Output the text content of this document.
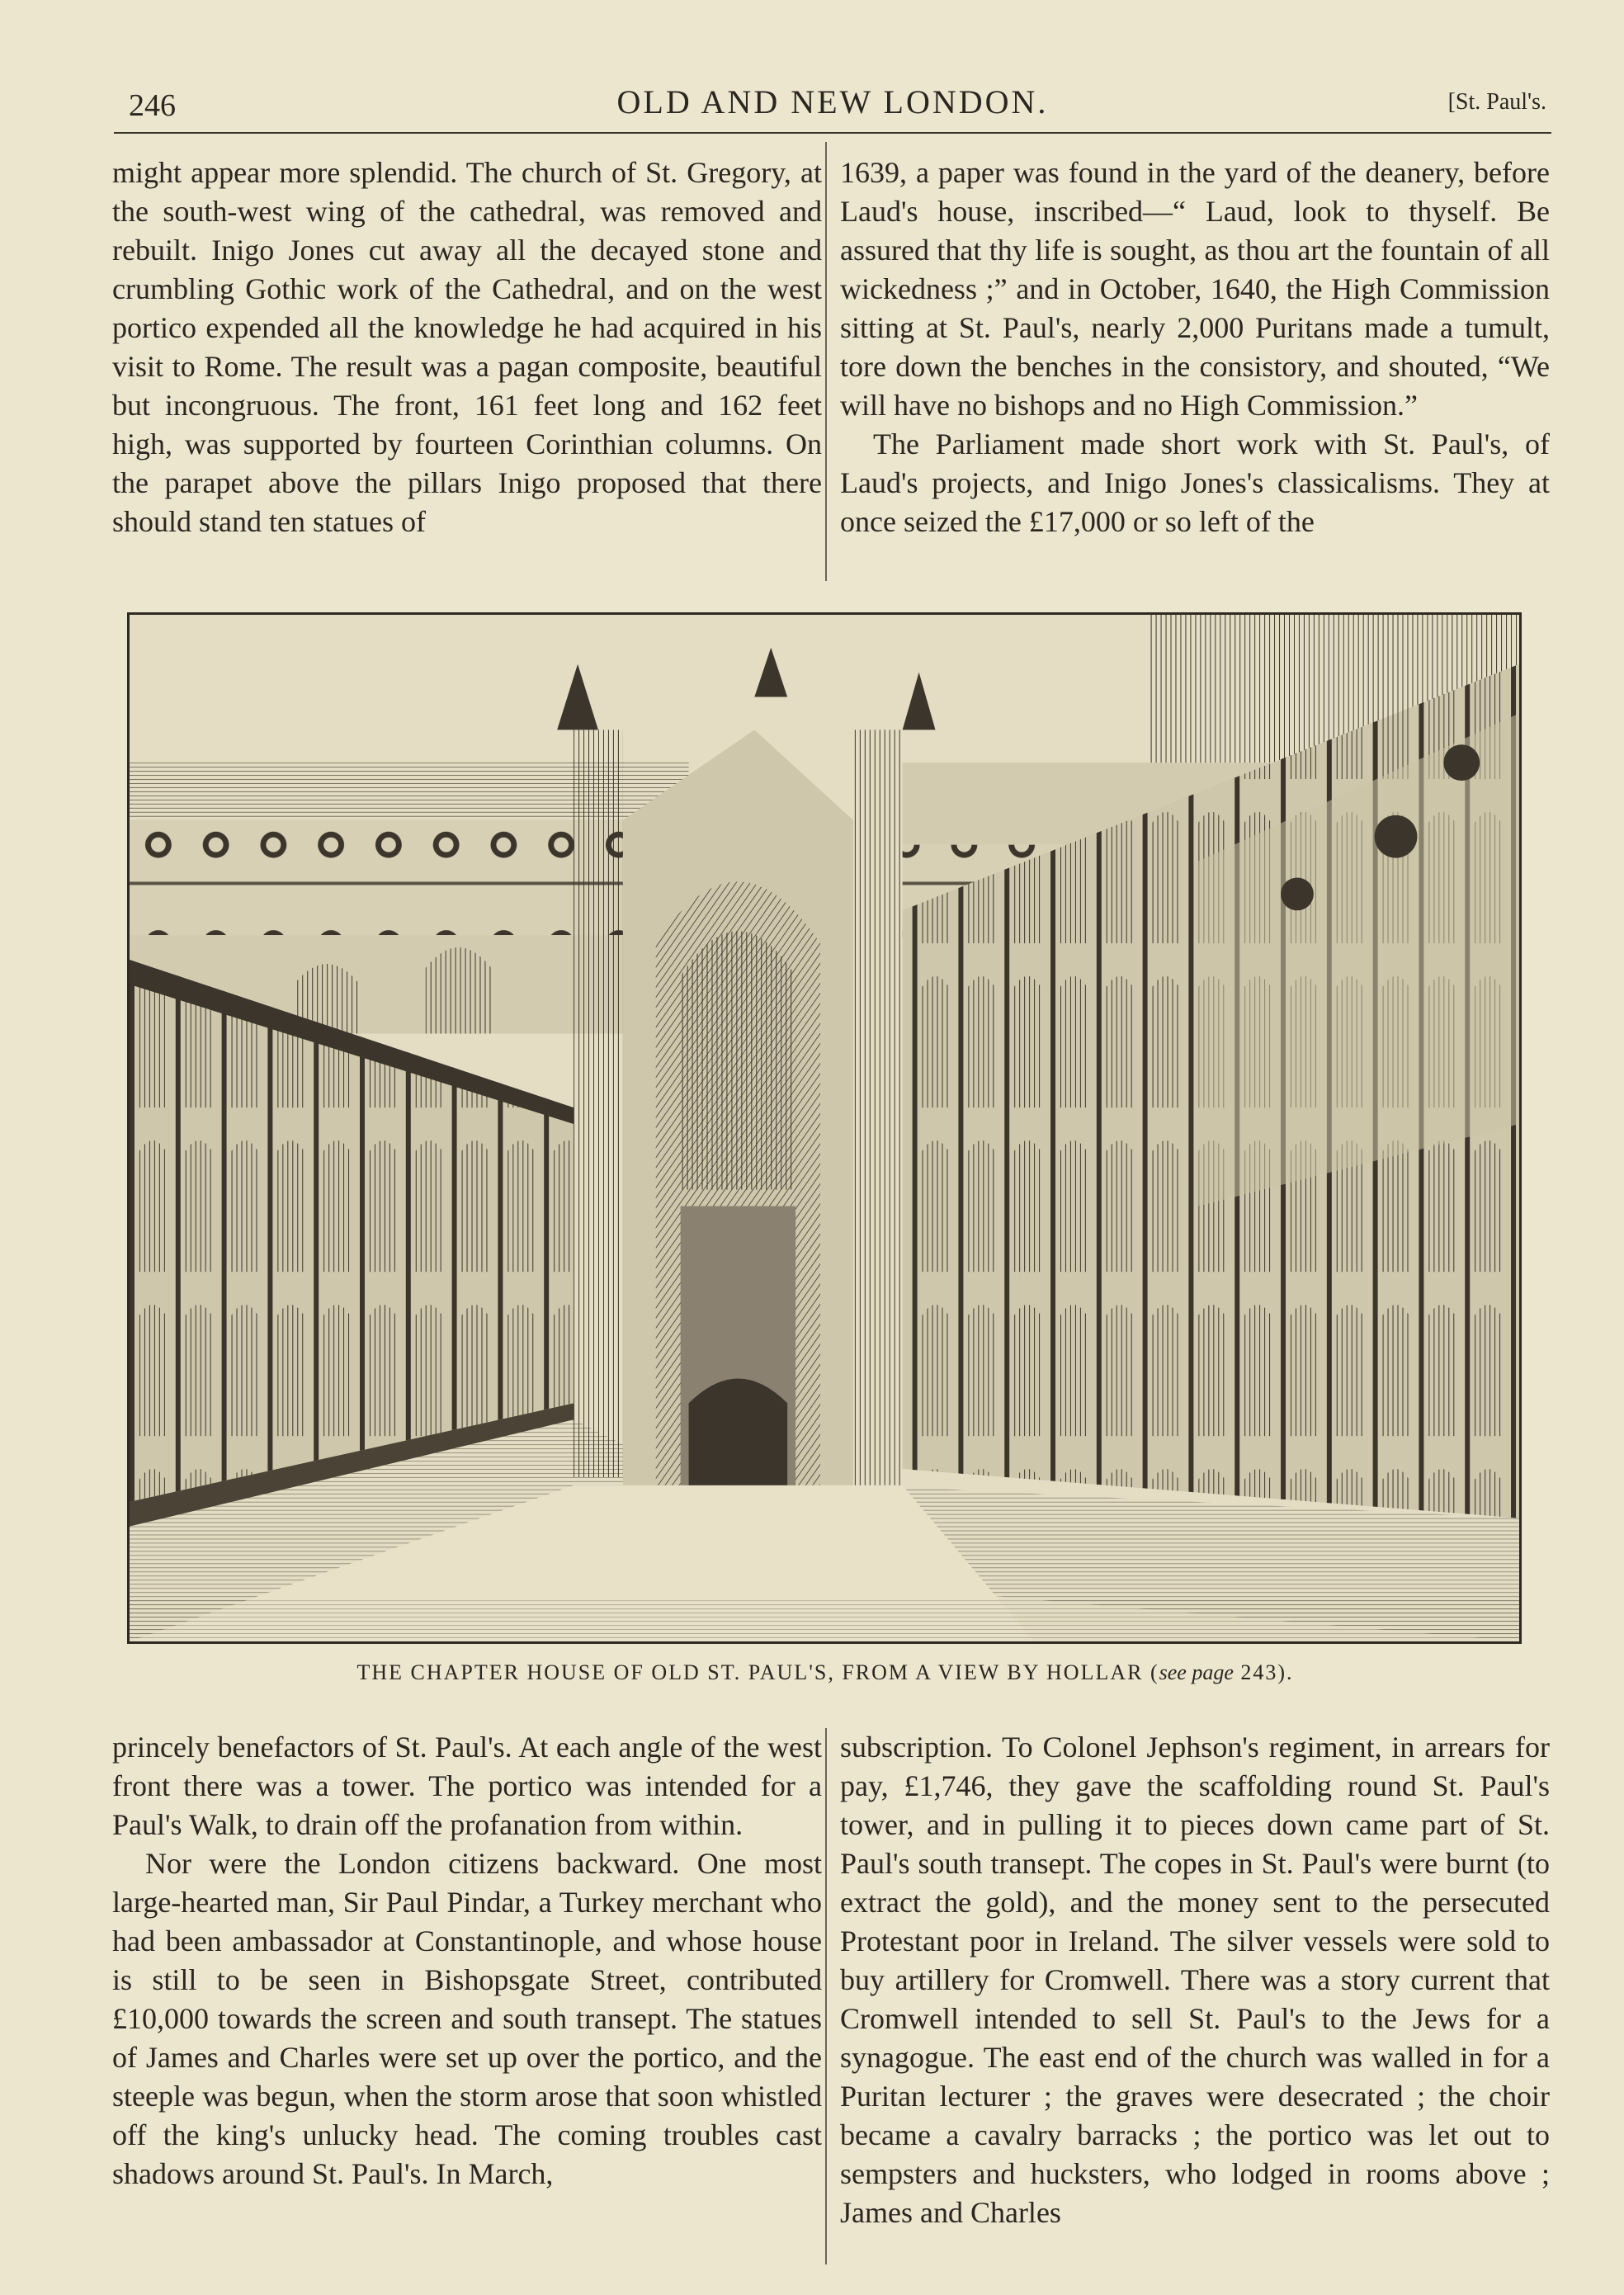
246	OLD AND NEW LONDON.	[St. Paul's.

might appear more splendid. The church of St. Gregory, at the south-west wing of the cathedral, was removed and rebuilt. Inigo Jones cut away all the decayed stone and crumbling Gothic work of the Cathedral, and on the west portico expended all the knowledge he had acquired in his visit to Rome. The result was a pagan composite, beautiful but incongruous. The front, 161 feet long and 162 feet high, was supported by fourteen Corinthian columns. On the parapet above the pillars Inigo proposed that there should stand ten statues of

1639, a paper was found in the yard of the deanery, before Laud's house, inscribed—“ Laud, look to thyself. Be assured that thy life is sought, as thou art the fountain of all wickedness ;” and in October, 1640, the High Commission sitting at St. Paul's, nearly 2,000 Puritans made a tumult, tore down the benches in the consistory, and shouted, “We will have no bishops and no High Commission.”

The Parliament made short work with St. Paul's, of Laud's projects, and Inigo Jones's classicalisms. They at once seized the £17,000 or so left of the

THE CHAPTER HOUSE OF OLD ST. PAUL'S, FROM A VIEW BY HOLLAR (see page 243).

princely benefactors of St. Paul's. At each angle of the west front there was a tower. The portico was intended for a Paul's Walk, to drain off the profanation from within.

Nor were the London citizens backward. One most large-hearted man, Sir Paul Pindar, a Turkey merchant who had been ambassador at Constantinople, and whose house is still to be seen in Bishopsgate Street, contributed £10,000 towards the screen and south transept. The statues of James and Charles were set up over the portico, and the steeple was begun, when the storm arose that soon whistled off the king's unlucky head. The coming troubles cast shadows around St. Paul's. In March,

subscription. To Colonel Jephson's regiment, in arrears for pay, £1,746, they gave the scaffolding round St. Paul's tower, and in pulling it to pieces down came part of St. Paul's south transept. The copes in St. Paul's were burnt (to extract the gold), and the money sent to the persecuted Protestant poor in Ireland. The silver vessels were sold to buy artillery for Cromwell. There was a story current that Cromwell intended to sell St. Paul's to the Jews for a synagogue. The east end of the church was walled in for a Puritan lecturer ; the graves were desecrated ; the choir became a cavalry barracks ; the portico was let out to sempsters and hucksters, who lodged in rooms above ; James and Charles
